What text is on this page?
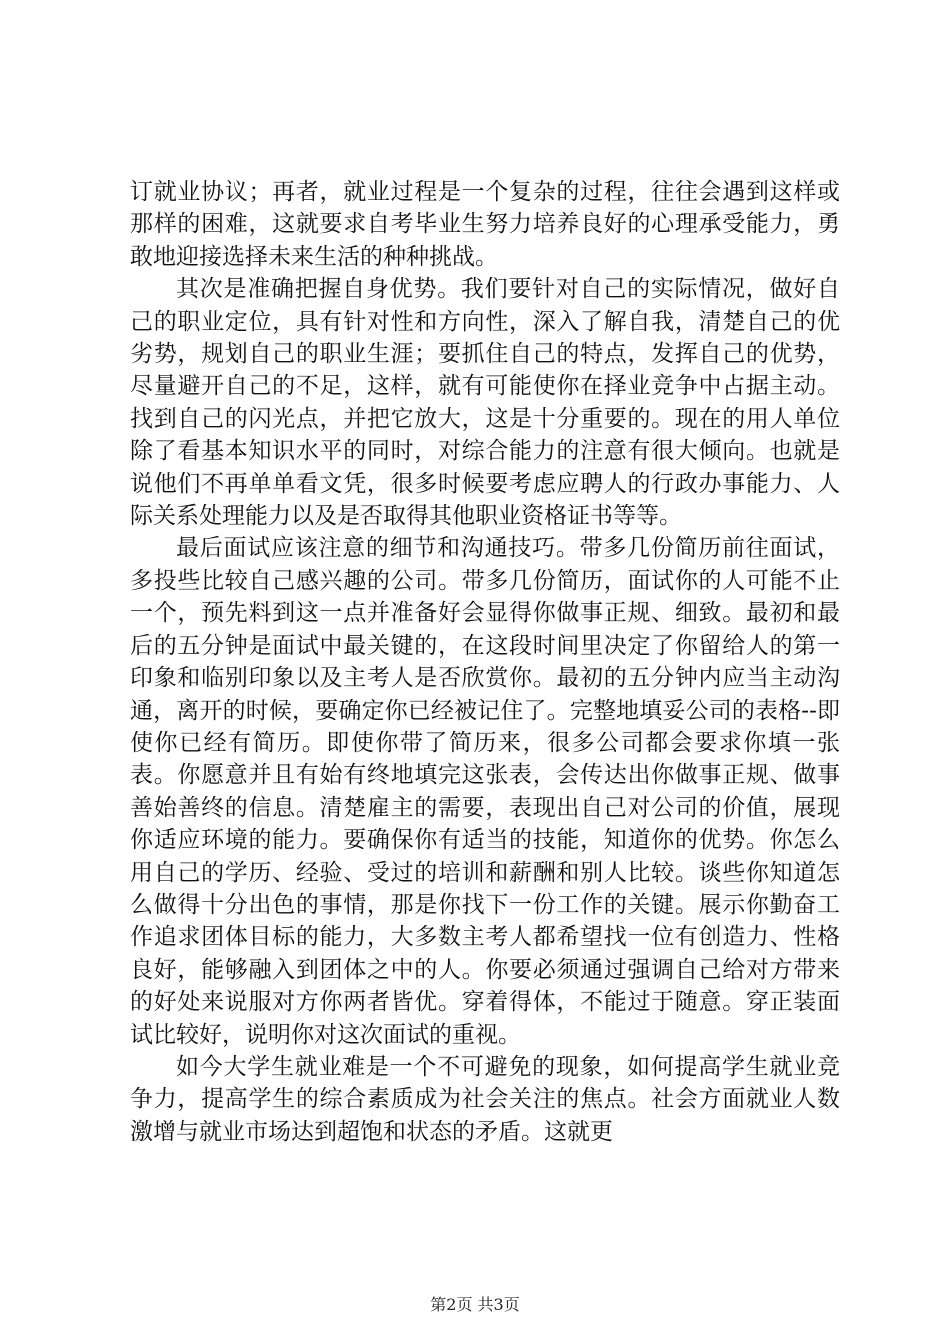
订就业协议；再者，就业过程是一个复杂的过程，往往会遇到这样或那样的困难，这就要求自考毕业生努力培养良好的心理承受能力，勇敢地迎接选择未来生活的种种挑战。

其次是准确把握自身优势。我们要针对自己的实际情况，做好自己的职业定位，具有针对性和方向性，深入了解自我，清楚自己的优劣势，规划自己的职业生涯；要抓住自己的特点，发挥自己的优势，尽量避开自己的不足，这样，就有可能使你在择业竞争中占据主动。找到自己的闪光点，并把它放大，这是十分重要的。现在的用人单位除了看基本知识水平的同时，对综合能力的注意有很大倾向。也就是说他们不再单单看文凭，很多时候要考虑应聘人的行政办事能力、人际关系处理能力以及是否取得其他职业资格证书等等。

最后面试应该注意的细节和沟通技巧。带多几份简历前往面试，多投些比较自己感兴趣的公司。带多几份简历，面试你的人可能不止一个，预先料到这一点并准备好会显得你做事正规、细致。最初和最后的五分钟是面试中最关键的，在这段时间里决定了你留给人的第一印象和临别印象以及主考人是否欣赏你。最初的五分钟内应当主动沟通，离开的时候，要确定你已经被记住了。完整地填妥公司的表格--即使你已经有简历。即使你带了简历来，很多公司都会要求你填一张表。你愿意并且有始有终地填完这张表，会传达出你做事正规、做事善始善终的信息。清楚雇主的需要，表现出自己对公司的价值，展现你适应环境的能力。要确保你有适当的技能，知道你的优势。你怎么用自己的学历、经验、受过的培训和薪酬和别人比较。谈些你知道怎么做得十分出色的事情，那是你找下一份工作的关键。展示你勤奋工作追求团体目标的能力，大多数主考人都希望找一位有创造力、性格良好，能够融入到团体之中的人。你要必须通过强调自己给对方带来的好处来说服对方你两者皆优。穿着得体，不能过于随意。穿正装面试比较好，说明你对这次面试的重视。

如今大学生就业难是一个不可避免的现象，如何提高学生就业竞争力，提高学生的综合素质成为社会关注的焦点。社会方面就业人数激增与就业市场达到超饱和状态的矛盾。这就更

第2页 共3页
